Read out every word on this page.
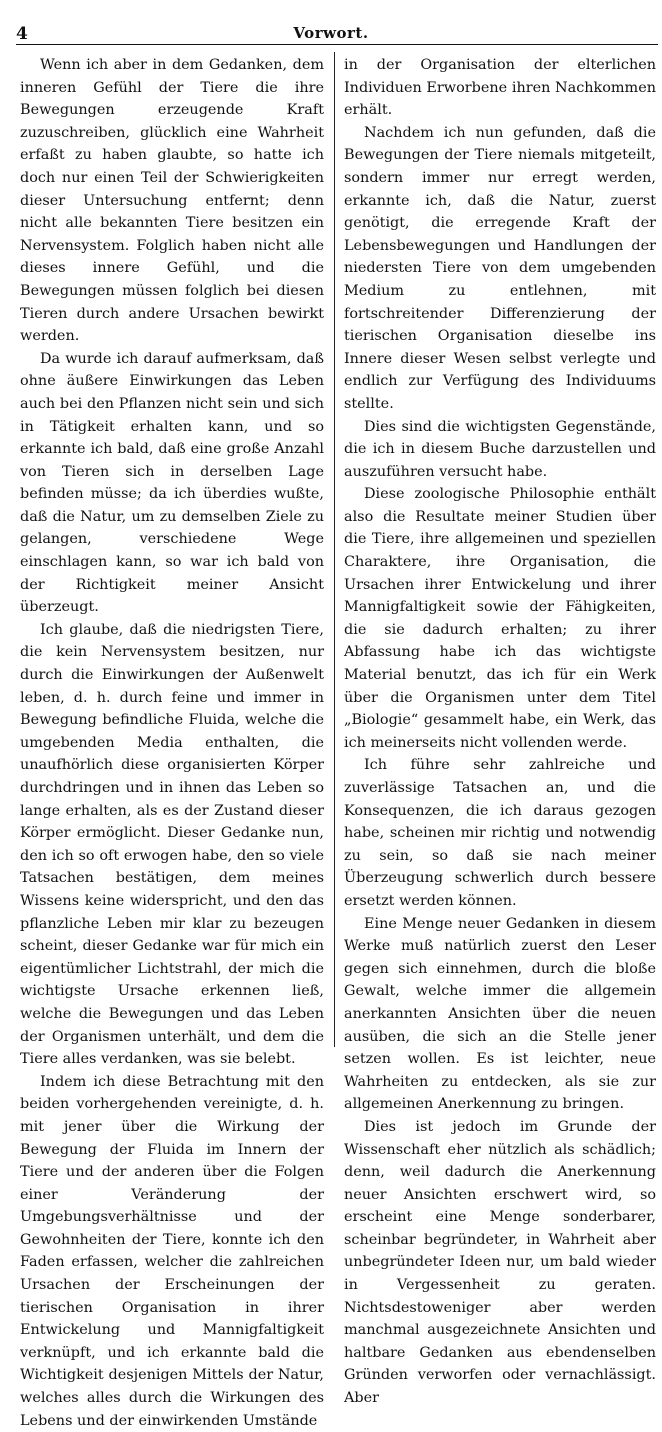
4	Vorwort.

Wenn ich aber in dem Gedanken, dem inneren Gefühl der Tiere die ihre Bewegungen erzeugende Kraft zuzuschreiben, glücklich eine Wahrheit erfaßt zu haben glaubte, so hatte ich doch nur einen Teil der Schwierigkeiten dieser Untersuchung entfernt; denn nicht alle bekannten Tiere besitzen ein Nervensystem. Folglich haben nicht alle dieses innere Gefühl, und die Bewegungen müssen folglich bei diesen Tieren durch andere Ursachen bewirkt werden.

Da wurde ich darauf aufmerksam, daß ohne äußere Einwirkungen das Leben auch bei den Pflanzen nicht sein und sich in Tätigkeit erhalten kann, und so erkannte ich bald, daß eine große Anzahl von Tieren sich in derselben Lage befinden müsse; da ich überdies wußte, daß die Natur, um zu demselben Ziele zu gelangen, verschiedene Wege einschlagen kann, so war ich bald von der Richtigkeit meiner Ansicht überzeugt.

Ich glaube, daß die niedrigsten Tiere, die kein Nervensystem besitzen, nur durch die Einwirkungen der Außenwelt leben, d. h. durch feine und immer in Bewegung befindliche Fluida, welche die umgebenden Media enthalten, die unaufhörlich diese organisierten Körper durchdringen und in ihnen das Leben so lange erhalten, als es der Zustand dieser Körper ermöglicht. Dieser Gedanke nun, den ich so oft erwogen habe, den so viele Tatsachen bestätigen, dem meines Wissens keine widerspricht, und den das pflanzliche Leben mir klar zu bezeugen scheint, dieser Gedanke war für mich ein eigentümlicher Lichtstrahl, der mich die wichtigste Ursache erkennen ließ, welche die Bewegungen und das Leben der Organismen unterhält, und dem die Tiere alles verdanken, was sie belebt.

Indem ich diese Betrachtung mit den beiden vorhergehenden vereinigte, d. h. mit jener über die Wirkung der Bewegung der Fluida im Innern der Tiere und der anderen über die Folgen einer Veränderung der Umgebungsverhältnisse und der Gewohnheiten der Tiere, konnte ich den Faden erfassen, welcher die zahlreichen Ursachen der Erscheinungen der tierischen Organisation in ihrer Entwickelung und Mannigfaltigkeit verknüpft, und ich erkannte bald die Wichtigkeit desjenigen Mittels der Natur, welches alles durch die Wirkungen des Lebens und der einwirkenden Umstände

in der Organisation der elterlichen Individuen Erworbene ihren Nachkommen erhält.

Nachdem ich nun gefunden, daß die Bewegungen der Tiere niemals mitgeteilt, sondern immer nur erregt werden, erkannte ich, daß die Natur, zuerst genötigt, die erregende Kraft der Lebensbewegungen und Handlungen der niedersten Tiere von dem umgebenden Medium zu entlehnen, mit fortschreitender Differenzierung der tierischen Organisation dieselbe ins Innere dieser Wesen selbst verlegte und endlich zur Verfügung des Individuums stellte.

Dies sind die wichtigsten Gegenstände, die ich in diesem Buche darzustellen und auszuführen versucht habe.

Diese zoologische Philosophie enthält also die Resultate meiner Studien über die Tiere, ihre allgemeinen und speziellen Charaktere, ihre Organisation, die Ursachen ihrer Entwickelung und ihrer Mannigfaltigkeit sowie der Fähigkeiten, die sie dadurch erhalten; zu ihrer Abfassung habe ich das wichtigste Material benutzt, das ich für ein Werk über die Organismen unter dem Titel „Biologie“ gesammelt habe, ein Werk, das ich meinerseits nicht vollenden werde.

Ich führe sehr zahlreiche und zuverlässige Tatsachen an, und die Konsequenzen, die ich daraus gezogen habe, scheinen mir richtig und notwendig zu sein, so daß sie nach meiner Überzeugung schwerlich durch bessere ersetzt werden können.

Eine Menge neuer Gedanken in diesem Werke muß natürlich zuerst den Leser gegen sich einnehmen, durch die bloße Gewalt, welche immer die allgemein anerkannten Ansichten über die neuen ausüben, die sich an die Stelle jener setzen wollen. Es ist leichter, neue Wahrheiten zu entdecken, als sie zur allgemeinen Anerkennung zu bringen.

Dies ist jedoch im Grunde der Wissenschaft eher nützlich als schädlich; denn, weil dadurch die Anerkennung neuer Ansichten erschwert wird, so erscheint eine Menge sonderbarer, scheinbar begründeter, in Wahrheit aber unbegründeter Ideen nur, um bald wieder in Vergessenheit zu geraten. Nichtsdestoweniger aber werden manchmal ausgezeichnete Ansichten und haltbare Gedanken aus ebendenselben Gründen verworfen oder vernachlässigt. Aber
